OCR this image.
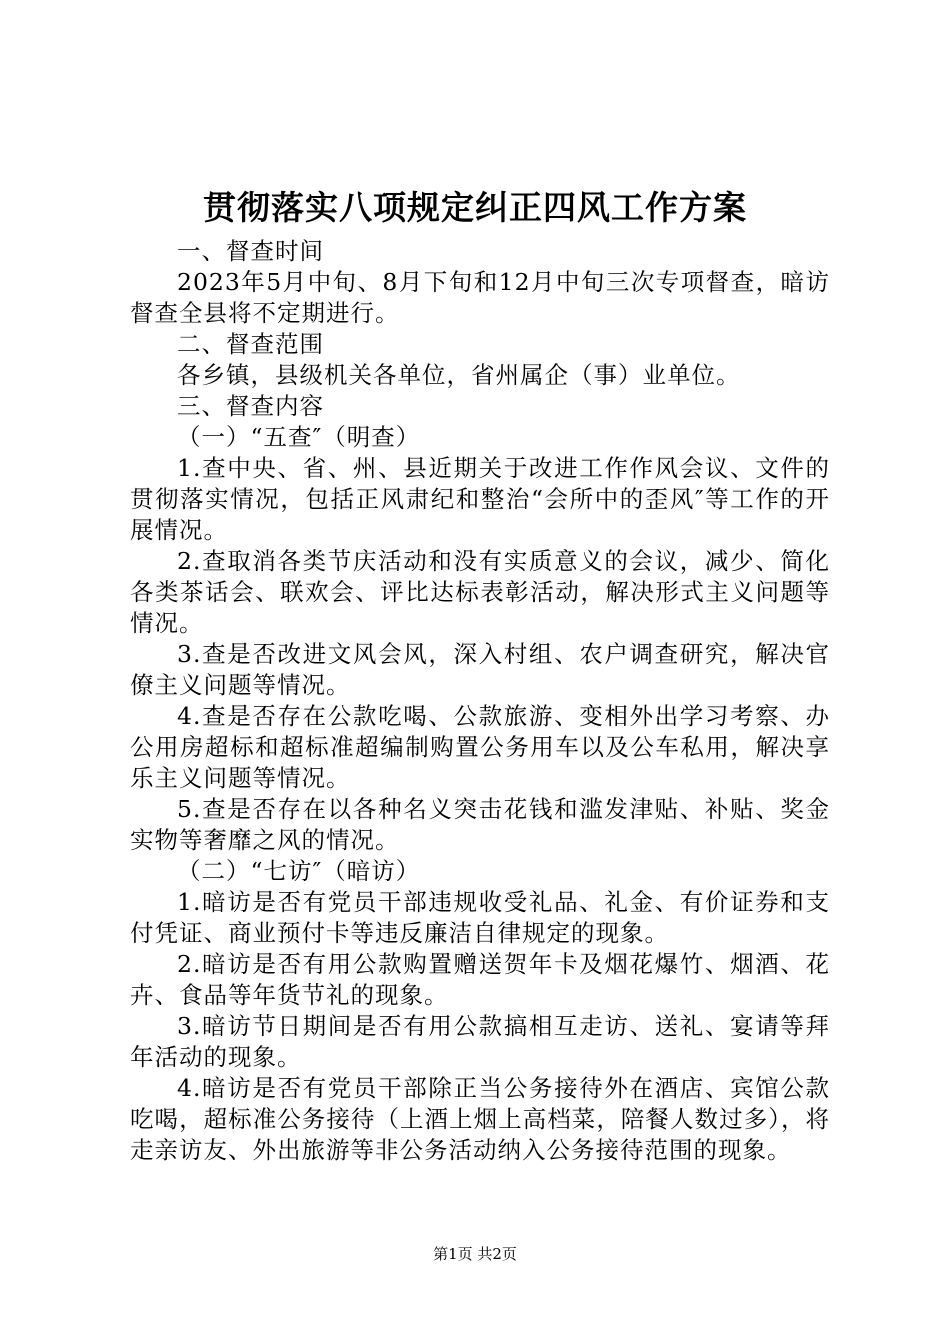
贯彻落实八项规定纠正四风工作方案

一、督查时间

2023年5月中旬、8月下旬和12月中旬三次专项督查，暗访督查全县将不定期进行。

二、督查范围

各乡镇，县级机关各单位，省州属企（事）业单位。

三、督查内容

（一）“五查″（明查）

1.查中央、省、州、县近期关于改进工作作风会议、文件的贯彻落实情况，包括正风肃纪和整治“会所中的歪风″等工作的开展情况。

2.查取消各类节庆活动和没有实质意义的会议，减少、简化各类茶话会、联欢会、评比达标表彰活动，解决形式主义问题等情况。

3.查是否改进文风会风，深入村组、农户调查研究，解决官僚主义问题等情况。

4.查是否存在公款吃喝、公款旅游、变相外出学习考察、办公用房超标和超标准超编制购置公务用车以及公车私用，解决享乐主义问题等情况。

5.查是否存在以各种名义突击花钱和滥发津贴、补贴、奖金实物等奢靡之风的情况。

（二）“七访″（暗访）

1.暗访是否有党员干部违规收受礼品、礼金、有价证券和支付凭证、商业预付卡等违反廉洁自律规定的现象。

2.暗访是否有用公款购置赠送贺年卡及烟花爆竹、烟酒、花卉、食品等年货节礼的现象。

3.暗访节日期间是否有用公款搞相互走访、送礼、宴请等拜年活动的现象。

4.暗访是否有党员干部除正当公务接待外在酒店、宾馆公款吃喝，超标准公务接待（上酒上烟上高档菜，陪餐人数过多），将走亲访友、外出旅游等非公务活动纳入公务接待范围的现象。

第1页 共2页
